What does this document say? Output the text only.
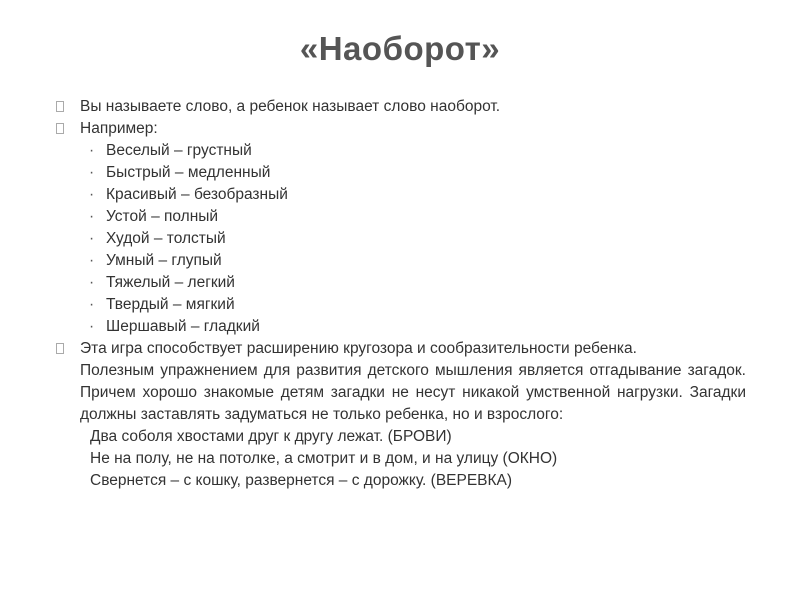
«Наоборот»
Вы называете слово, а ребенок называет слово наоборот.
Например:
· Веселый – грустный
· Быстрый – медленный
· Красивый – безобразный
· Устой – полный
· Худой – толстый
· Умный – глупый
· Тяжелый – легкий
· Твердый – мягкий
· Шершавый – гладкий
Эта игра способствует расширению кругозора и сообразительности ребенка.
Полезным упражнением для развития детского мышления является отгадывание загадок. Причем хорошо знакомые детям загадки не несут никакой умственной нагрузки. Загадки должны заставлять задуматься не только ребенка, но и взрослого:
Два соболя хвостами друг к другу лежат. (БРОВИ)
Не на полу, не на потолке, а смотрит и в дом, и на улицу (ОКНО)
Свернется – с кошку, развернется – с дорожку. (ВЕРЕВКА)
